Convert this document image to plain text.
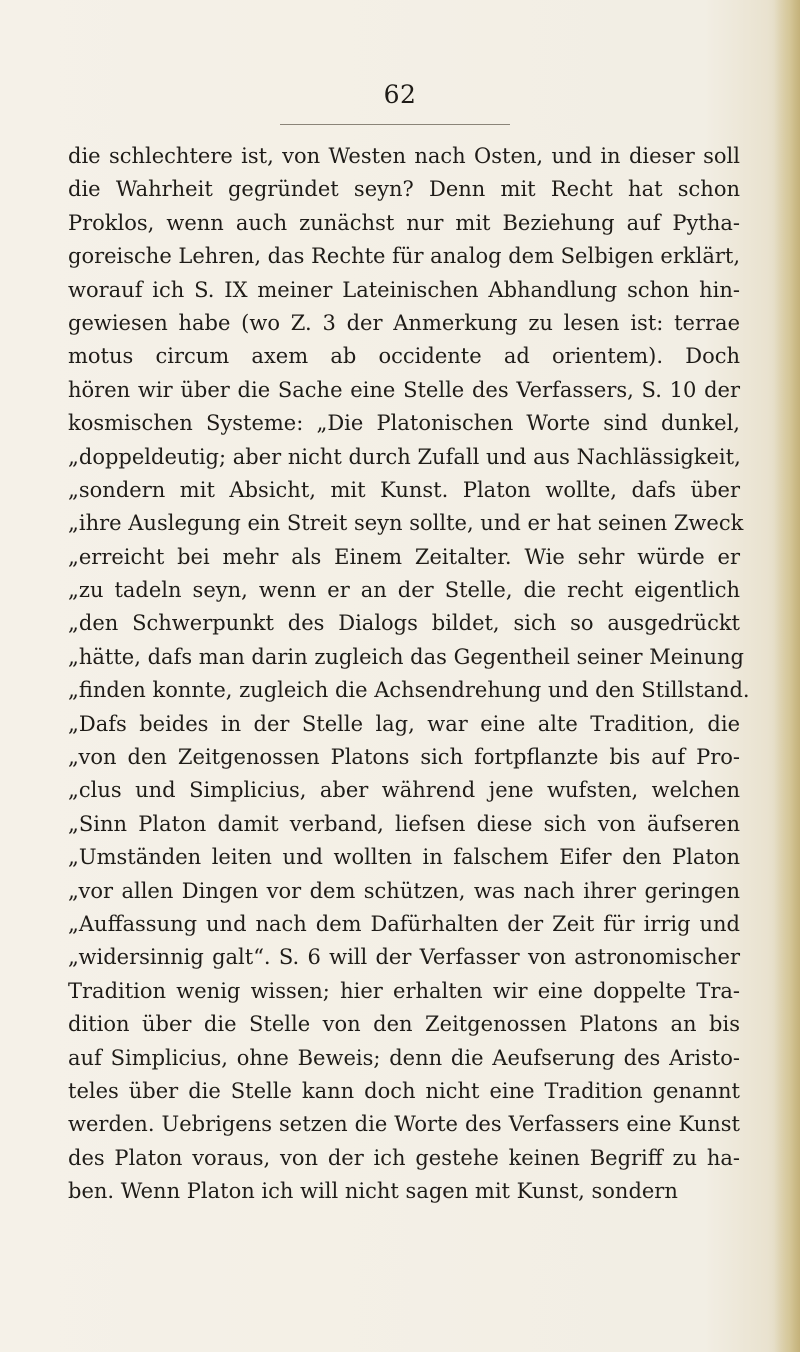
62
die schlechtere ist, von Westen nach Osten, und in dieser soll
die Wahrheit gegründet seyn? Denn mit Recht hat schon
Proklos, wenn auch zunächst nur mit Beziehung auf Pytha-
goreische Lehren, das Rechte für analog dem Selbigen erklärt,
worauf ich S. IX meiner Lateinischen Abhandlung schon hin-
gewiesen habe (wo Z. 3 der Anmerkung zu lesen ist: terrae
motus circum axem ab occidente ad orientem). Doch
hören wir über die Sache eine Stelle des Verfassers, S. 10 der
kosmischen Systeme: „Die Platonischen Worte sind dunkel,
„doppeldeutig; aber nicht durch Zufall und aus Nachlässigkeit,
„sondern mit Absicht, mit Kunst. Platon wollte, dafs über
„ihre Auslegung ein Streit seyn sollte, und er hat seinen Zweck
„erreicht bei mehr als Einem Zeitalter. Wie sehr würde er
„zu tadeln seyn, wenn er an der Stelle, die recht eigentlich
„den Schwerpunkt des Dialogs bildet, sich so ausgedrückt
„hätte, dafs man darin zugleich das Gegentheil seiner Meinung
„finden konnte, zugleich die Achsendrehung und den Stillstand.
„Dafs beides in der Stelle lag, war eine alte Tradition, die
„von den Zeitgenossen Platons sich fortpflanzte bis auf Pro-
„clus und Simplicius, aber während jene wufsten, welchen
„Sinn Platon damit verband, liefsen diese sich von äufseren
„Umständen leiten und wollten in falschem Eifer den Platon
„vor allen Dingen vor dem schützen, was nach ihrer geringen
„Auffassung und nach dem Dafürhalten der Zeit für irrig und
„widersinnig galt“. S. 6 will der Verfasser von astronomischer
Tradition wenig wissen; hier erhalten wir eine doppelte Tra-
dition über die Stelle von den Zeitgenossen Platons an bis
auf Simplicius, ohne Beweis; denn die Aeufserung des Aristo-
teles über die Stelle kann doch nicht eine Tradition genannt
werden. Uebrigens setzen die Worte des Verfassers eine Kunst
des Platon voraus, von der ich gestehe keinen Begriff zu ha-
ben. Wenn Platon ich will nicht sagen mit Kunst, sondern
